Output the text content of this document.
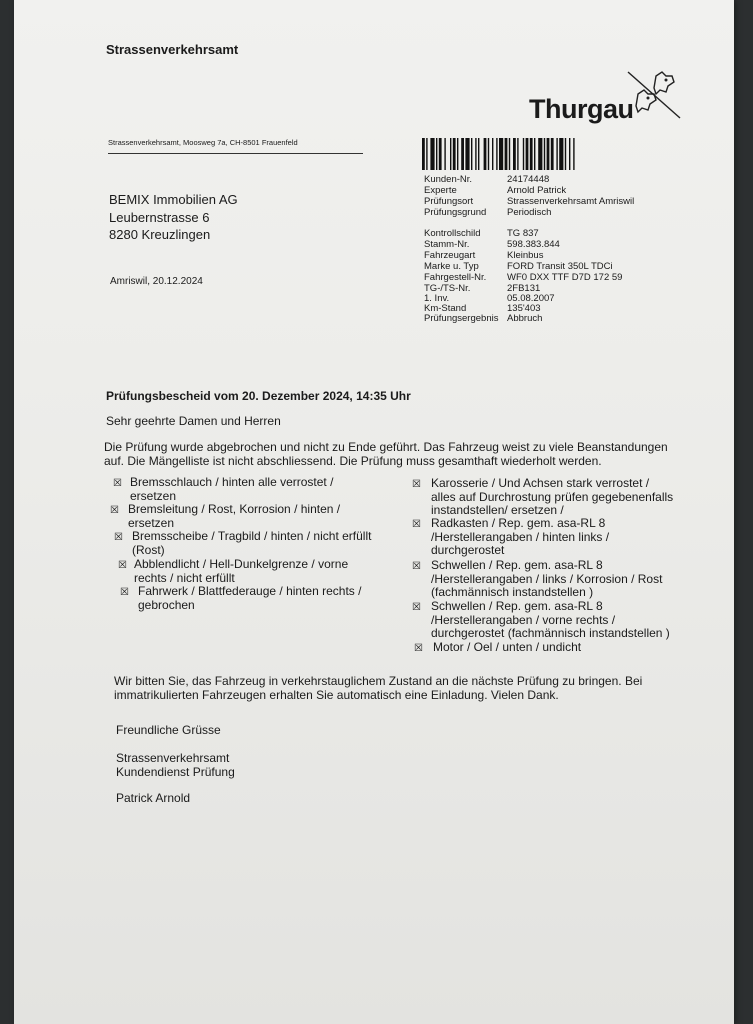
Strassenverkehrsamt
Thurgau
Strassenverkehrsamt, Moosweg 7a, CH-8501 Frauenfeld
BEMIX Immobilien AG
Leubernstrasse 6
8280 Kreuzlingen
Amriswil, 20.12.2024
Kunden-Nr.	24174448
Experte	Arnold Patrick
Prüfungsort	Strassenverkehrsamt Amriswil
Prüfungsgrund Periodisch
Kontrollschild	TG 837
Stamm-Nr.	598.383.844
Fahrzeugart	Kleinbus
Marke u. Typ	FORD Transit 350L TDCi
Fahrgestell-Nr. WF0 DXX TTF D7D 172 59
TG-/TS-Nr.	2FB131
1. Inv.	05.08.2007
Km-Stand	135'403
Prüfungsergebnis Abbruch
Prüfungsbescheid vom 20. Dezember 2024, 14:35 Uhr
Sehr geehrte Damen und Herren
Die Prüfung wurde abgebrochen und nicht zu Ende geführt. Das Fahrzeug weist zu viele Beanstandungen
auf. Die Mängelliste ist nicht abschliessend. Die Prüfung muss gesamthaft wiederholt werden.
☒ Bremsschlauch / hinten alle verrostet /
ersetzen
☒ Bremsleitung / Rost, Korrosion / hinten /
ersetzen
☒ Bremsscheibe / Tragbild / hinten / nicht erfüllt
(Rost)
☒ Abblendlicht / Hell-Dunkelgrenze / vorne
rechts / nicht erfüllt
☒ Fahrwerk / Blattfederauge / hinten rechts /
gebrochen
☒ Karosserie / Und Achsen stark verrostet /
alles auf Durchrostung prüfen gegebenenfalls
instandstellen/ ersetzen /
☒ Radkasten / Rep. gem. asa-RL 8
/Herstellerangaben / hinten links /
durchgerostet
☒ Schwellen / Rep. gem. asa-RL 8
/Herstellerangaben / links / Korrosion / Rost
(fachmännisch instandstellen )
☒ Schwellen / Rep. gem. asa-RL 8
/Herstellerangaben / vorne rechts /
durchgerostet (fachmännisch instandstellen )
☒ Motor / Oel / unten / undicht
Wir bitten Sie, das Fahrzeug in verkehrstauglichem Zustand an die nächste Prüfung zu bringen. Bei
immatrikulierten Fahrzeugen erhalten Sie automatisch eine Einladung. Vielen Dank.
Freundliche Grüsse
Strassenverkehrsamt
Kundendienst Prüfung
Patrick Arnold
